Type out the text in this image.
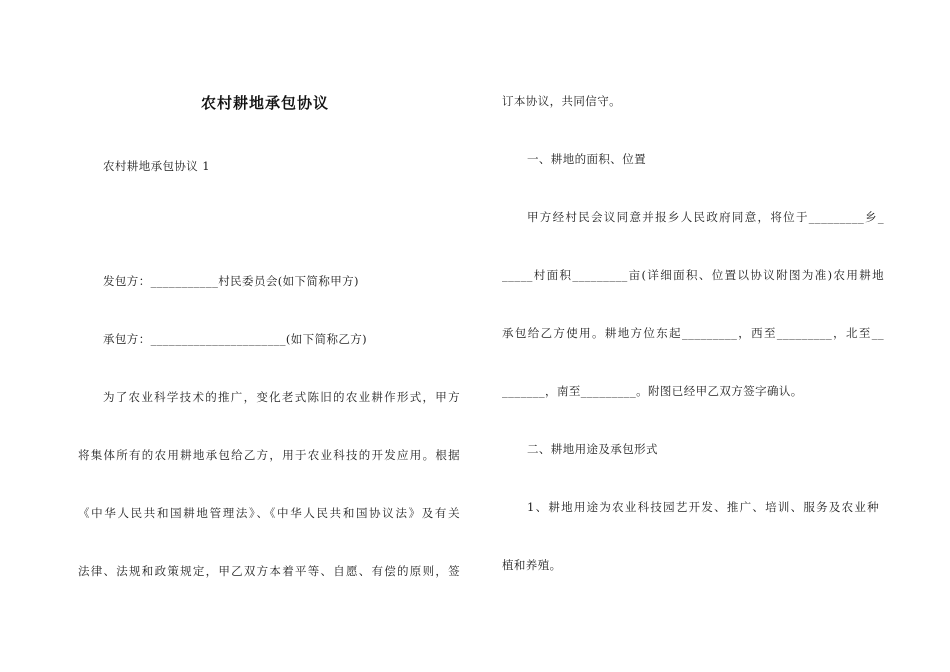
农村耕地承包协议
农村耕地承包协议 1
发包方：___________村民委员会(如下简称甲方)
承包方：______________________(如下简称乙方)
为了农业科学技术的推广，变化老式陈旧的农业耕作形式，甲方
将集体所有的农用耕地承包给乙方，用于农业科技的开发应用。根据
《中华人民共和国耕地管理法》、《中华人民共和国协议法》及有关
法律、法规和政策规定，甲乙双方本着平等、自愿、有偿的原则，签
订本协议，共同信守。
一、耕地的面积、位置
甲方经村民会议同意并报乡人民政府同意，将位于_________乡_
_____村面积_________亩(详细面积、位置以协议附图为准)农用耕地
承包给乙方使用。耕地方位东起_________，西至_________，北至__
_______，南至_________。附图已经甲乙双方签字确认。
二、耕地用途及承包形式
1、耕地用途为农业科技园艺开发、推广、培训、服务及农业种
植和养殖。
